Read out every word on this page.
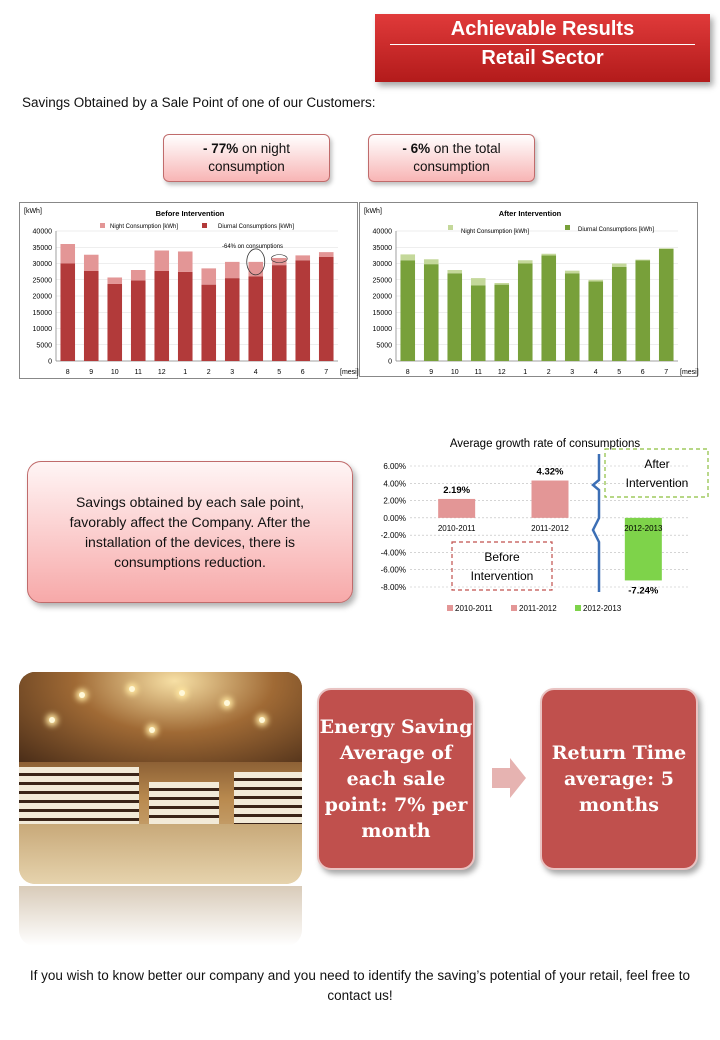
Achievable Results
Retail Sector
Savings Obtained by a Sale Point of one of our Customers:
- 77% on night consumption
- 6% on the total consumption
[kWh]	Before Intervention
0
5000
10000
15000
20000
25000
30000
35000
40000
8	9	10 11 12	1	2	3	4	5	6	7 [mesi]
Night Consumption [kWh]	Diurnal Consumptions [kWh]
-64% on consumptions
[kWh]	After Intervention
0
5000
10000
15000
20000
25000
30000
35000
40000
8	9	10 11 12	1	2	3	4	5	6	7 [mesi]
Night Consumption [kWh]	Diurnal Consumptions [kWh]
Savings obtained by each sale point, favorably affect the Company. After the installation of the devices, there is consumptions reduction.
Average growth rate of consumptions
6.00%
4.00%
2.00%
0.00%
-2.00%
-4.00%
-6.00%
-8.00%
2.19%
2010-2011
4.32%
2011-2012
-7.24%
2012-2013
Before
Intervention
After
Intervention
2010-2011	2011-2012	2012-2013
Energy Saving Average of each sale point: 7% per month
Return Time average: 5 months
If you wish to know better our company and you need to identify the saving’s potential of your retail, feel free to contact us!
